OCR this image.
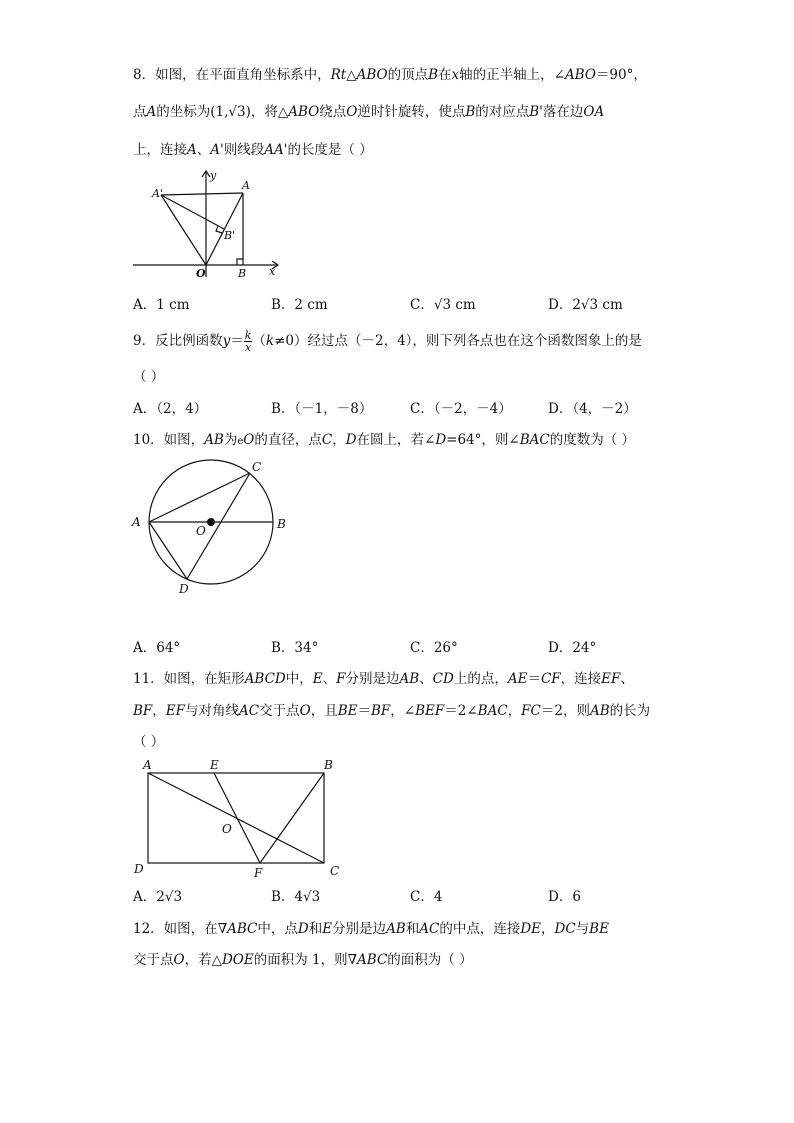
8．如图，在平面直角坐标系中，Rt△ABO的顶点B在x轴的正半轴上，∠ABO＝90°，
点A的坐标为(1,√3)，将△ABO绕点O逆时针旋转，使点B的对应点B'落在边OA
上，连接A、A'则线段AA'的长度是（ ）
y
x
A
A'
B
B'
O
A．1 cm	B．2 cm	C．√3 cm	D．2√3 cm
9．反比例函数$y= \frac{k}{x} (k\ne 0)$经过点（－2，4），则下列各点也在这个函数图象上的是
（ ）
A．（2，4）	B．（－1，－8）	C．（－2，－4）	D．（4，－2）
10．如图，AB为eO的直径，点C，D在圆上，若∠D=64°，则∠BAC的度数为（ ）
A	B
C
D
O
A．64°	B．34°	C．26°	D．24°
11．如图，在矩形ABCD中，E、F分别是边AB、CD上的点，AE＝CF，连接EF、
BF，EF与对角线AC交于点O，且BE＝BF，∠BEF＝2∠BAC，FC＝2，则AB的长为
（ ）
A	E	B
D	F	C
O
A．2√3	B．4√3	C．4	D．6
12．如图，在∇ABC中，点D和E分别是边AB和AC的中点，连接DE，DC与BE
交于点O，若△DOE的面积为 1，则∇ABC的面积为（ ）
